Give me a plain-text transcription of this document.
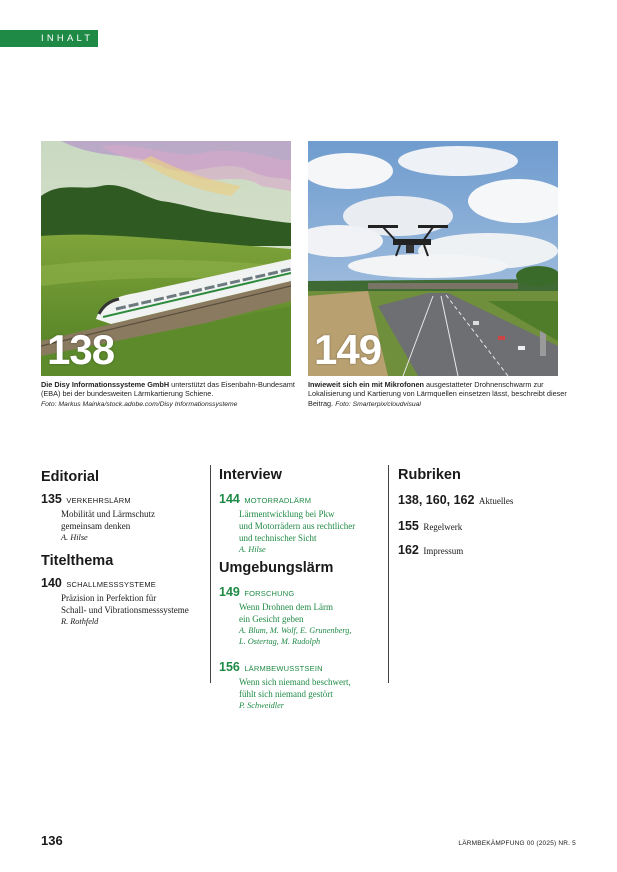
INHALT
138	149
Die Disy Informationssysteme GmbH unterstützt das Eisenbahn-Bundesamt (EBA) bei der bundesweiten Lärmkartierung Schiene.
Foto: Markus Mainka/stock.adobe.com/Disy Informationssysteme
Inwieweit sich ein mit Mikrofonen ausgestatteter Drohnenschwarm zur Lokalisierung und Kartierung von Lärmquellen einsetzen lässt, beschreibt dieser Beitrag. Foto: Smarterpix/cloudvisual
Editorial
135 VERKEHRSLÄRM
Mobilität und Lärmschutz
gemeinsam denken
A. Hilse
Titelthema
140 SCHALLMESSSYSTEME
Präzision in Perfektion für
Schall- und Vibrationsmesssysteme
R. Rothfeld
Interview
144 MOTORRADLÄRM
Lärmentwicklung bei Pkw
und Motorrädern aus rechtlicher
und technischer Sicht
A. Hilse
Umgebungslärm
149 FORSCHUNG
Wenn Drohnen dem Lärm
ein Gesicht geben
A. Blum, M. Wolf, E. Grunenberg,
L. Ostertag, M. Rudolph
156 LÄRMBEWUSSTSEIN
Wenn sich niemand beschwert,
fühlt sich niemand gestört
P. Schweidler
Rubriken
138, 160, 162 Aktuelles
155 Regelwerk
162 Impressum
136	LÄRMBEKÄMPFUNG 00 (2025) NR. 5
